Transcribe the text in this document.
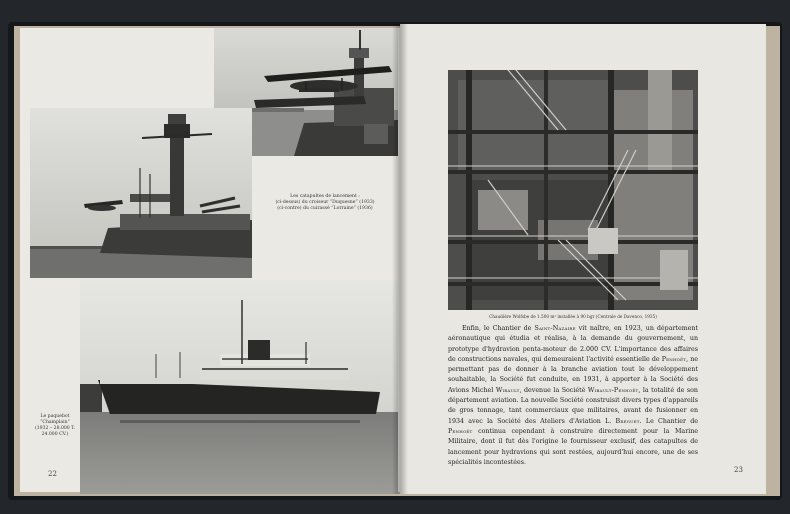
Les catapultes de lancement :
(ci-dessus) du croiseur “Duquesne” (1933)
(ci-contre) du cuirassé “Lorraine” (1936)
Le paquebot
“Champlain”
(1932 – 28.000 T.
24.000 CV.)
22
Chaudière Wolfsbe de 1.500 m² installée à 90 bgr (Centrale de Davenco, 1935)

Enfin, le Chantier de Saint-Nazaire vit naître, en 1923, un département aéronautique qui étudia et réalisa, à la demande du gouvernement, un prototype d'hydravion penta-moteur de 2.000 CV. L'importance des affaires de constructions navales, qui demeuraient l'activité essentielle de Penhoët, ne permettant pas de donner à la branche aviation tout le développement souhaitable, la Société fut conduite, en 1931, à apporter à la Société des Avions Michel Wibault, devenue la Société Wibault-Penhoët, la totalité de son département aviation. La nouvelle Société construisit divers types d'appareils de gros tonnage, tant commerciaux que militaires, avant de fusionner en 1934 avec la Société des Ateliers d'Aviation L. Breguet. Le Chantier de Penhoët continua cependant à construire directement pour la Marine Militaire, dont il fut dès l'origine le fournisseur exclusif, des catapultes de lancement pour hydravions qui sont restées, aujourd'hui encore, une de ses spécialités incontestées.

23
